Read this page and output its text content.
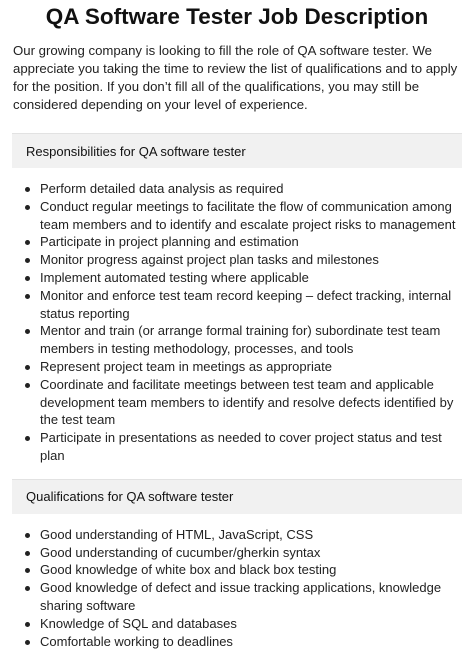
QA Software Tester Job Description

Our growing company is looking to fill the role of QA software tester. We appreciate you taking the time to review the list of qualifications and to apply for the position. If you don’t fill all of the qualifications, you may still be considered depending on your level of experience.

Responsibilities for QA software tester
Perform detailed data analysis as required
Conduct regular meetings to facilitate the flow of communication among team members and to identify and escalate project risks to management
Participate in project planning and estimation
Monitor progress against project plan tasks and milestones
Implement automated testing where applicable
Monitor and enforce test team record keeping – defect tracking, internal status reporting
Mentor and train (or arrange formal training for) subordinate test team members in testing methodology, processes, and tools
Represent project team in meetings as appropriate
Coordinate and facilitate meetings between test team and applicable development team members to identify and resolve defects identified by the test team
Participate in presentations as needed to cover project status and test plan
Qualifications for QA software tester
Good understanding of HTML, JavaScript, CSS
Good understanding of cucumber/gherkin syntax
Good knowledge of white box and black box testing
Good knowledge of defect and issue tracking applications, knowledge sharing software
Knowledge of SQL and databases
Comfortable working to deadlines
